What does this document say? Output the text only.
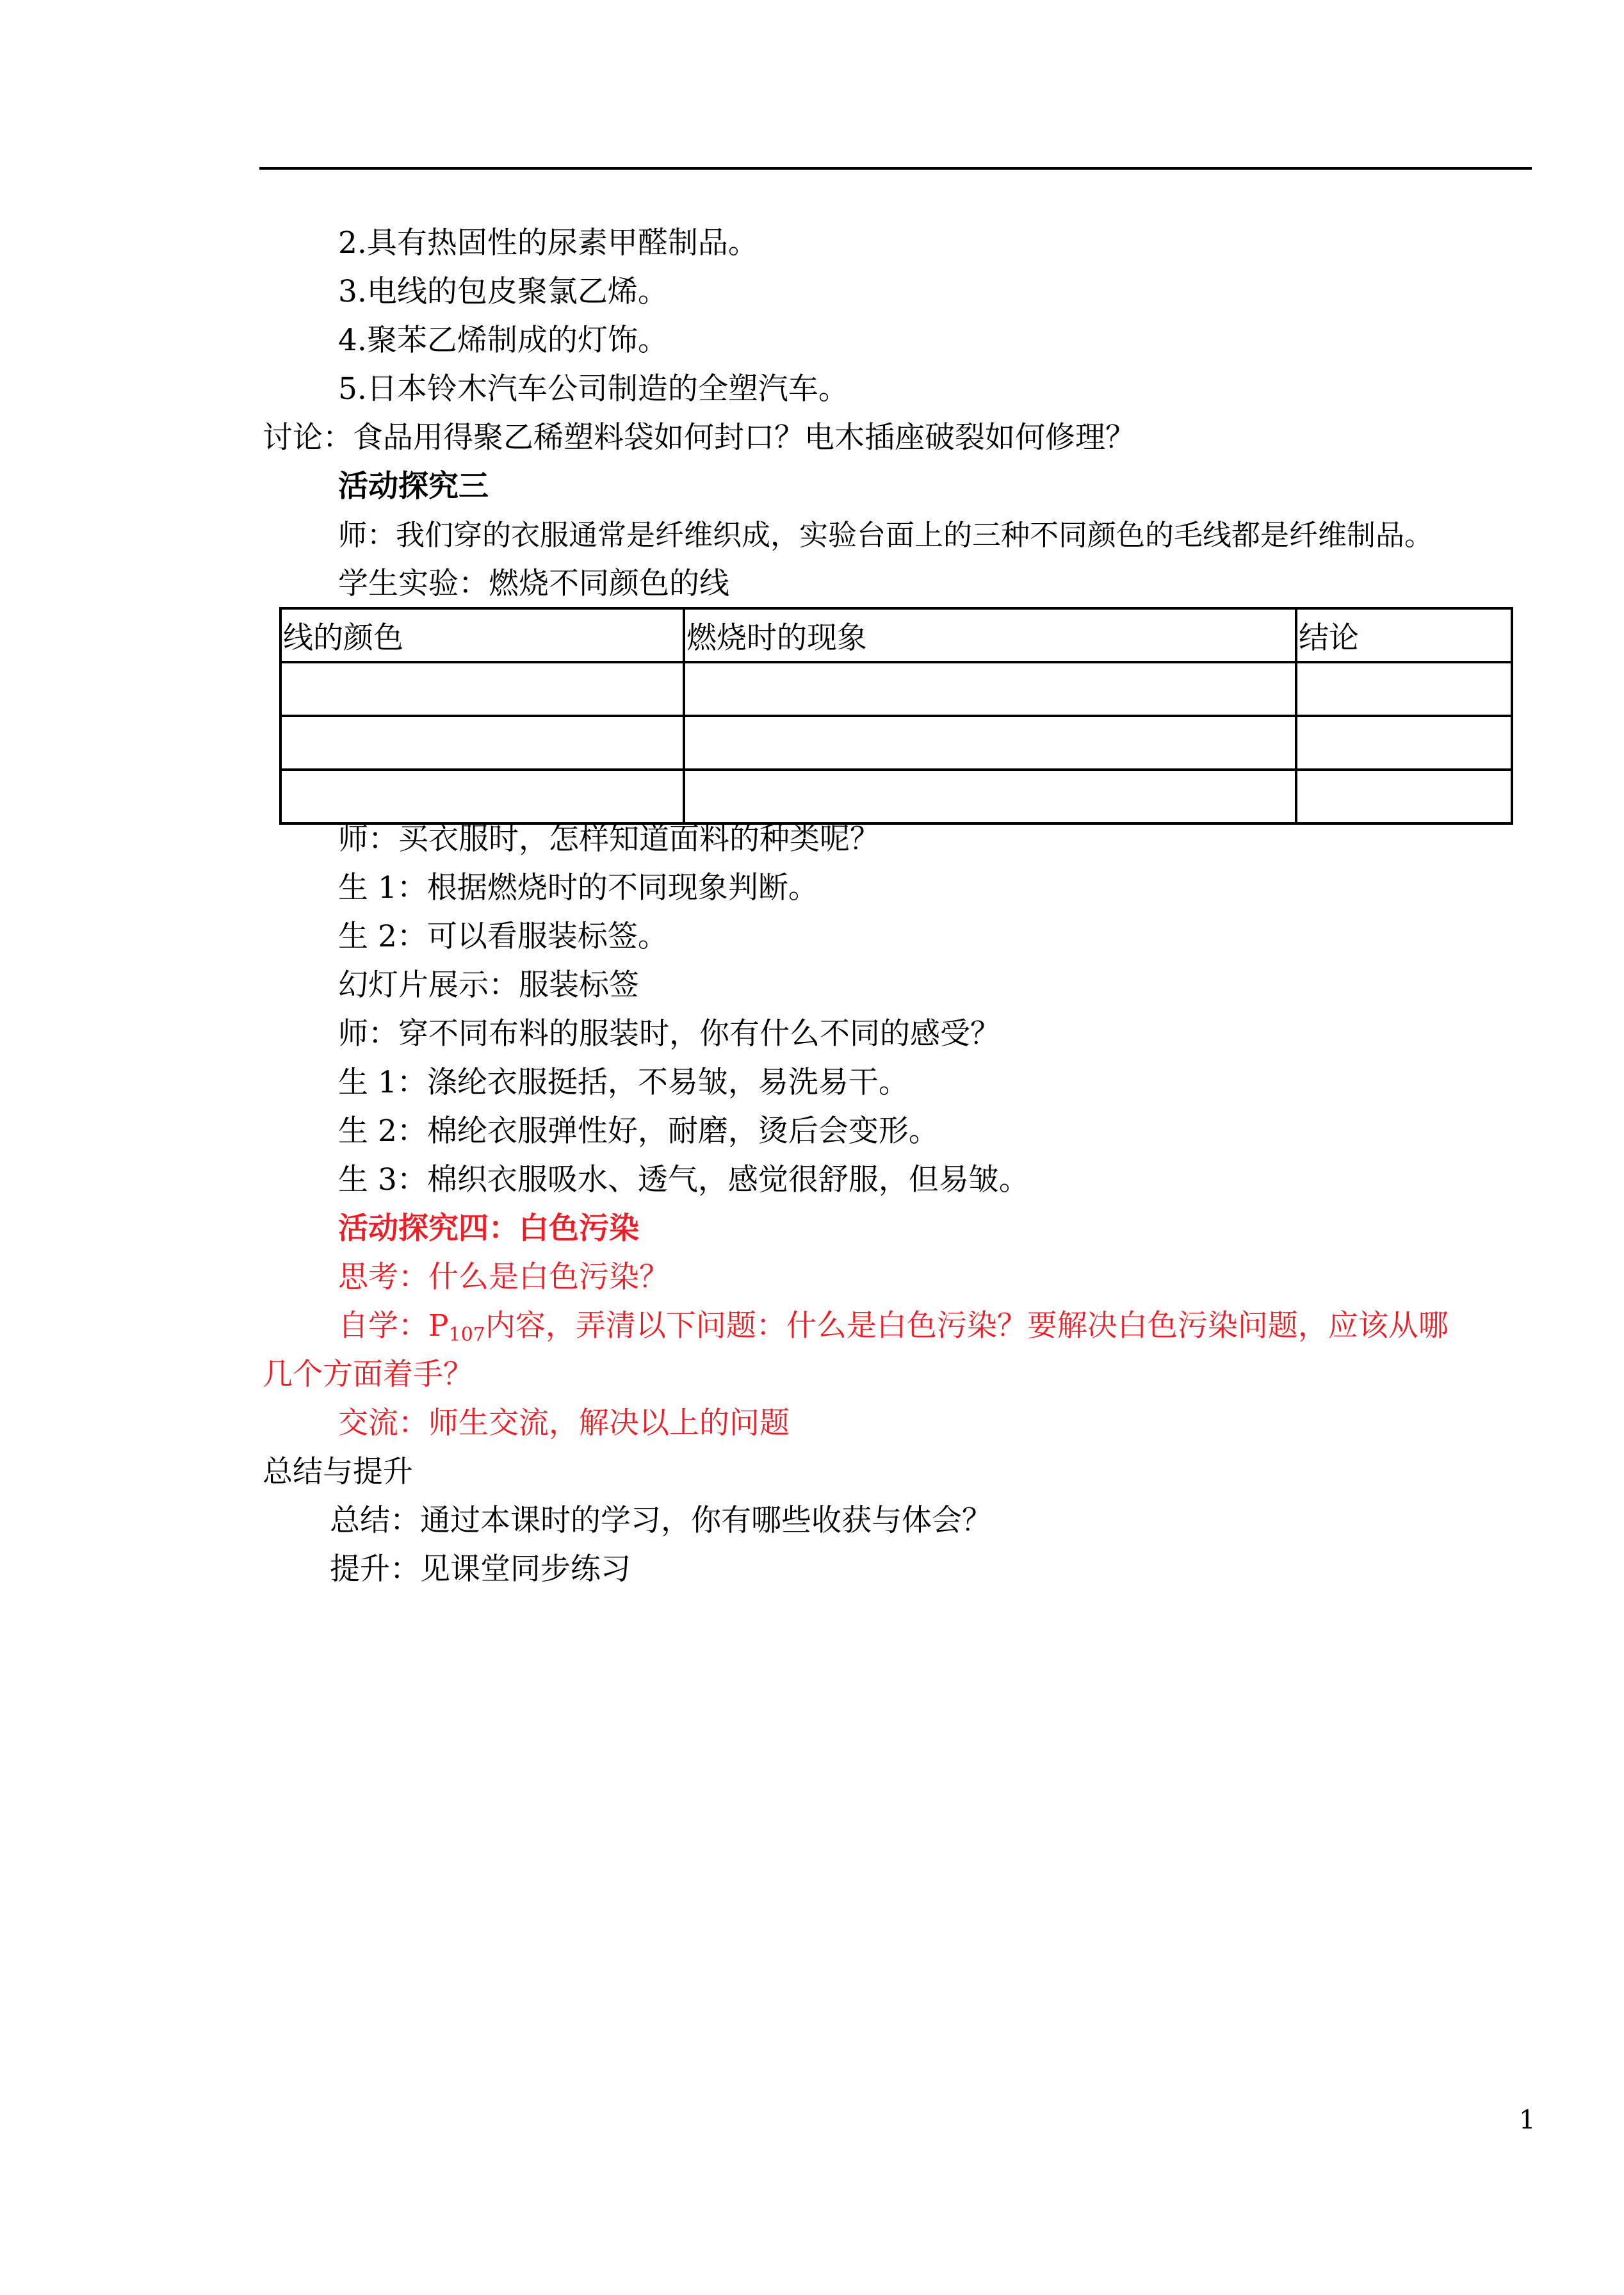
2.具有热固性的尿素甲醛制品。
3.电线的包皮聚氯乙烯。
4.聚苯乙烯制成的灯饰。
5.日本铃木汽车公司制造的全塑汽车。
讨论：食品用得聚乙稀塑料袋如何封口？电木插座破裂如何修理？
活动探究三
师：我们穿的衣服通常是纤维织成，实验台面上的三种不同颜色的毛线都是纤维制品。
学生实验：燃烧不同颜色的线
线的颜色	燃烧时的现象	结论

师：买衣服时，怎样知道面料的种类呢？
生 1：根据燃烧时的不同现象判断。
生 2：可以看服装标签。
幻灯片展示：服装标签
师：穿不同布料的服装时，你有什么不同的感受？
生 1：涤纶衣服挺括，不易皱，易洗易干。
生 2：棉纶衣服弹性好，耐磨，烫后会变形。
生 3：棉织衣服吸水、透气，感觉很舒服，但易皱。
活动探究四：白色污染
思考：什么是白色污染？
自学：$P_{107}$内容，弄清以下问题：什么是白色污染？要解决白色污染问题，应该从哪
几个方面着手？
交流：师生交流，解决以上的问题
总结与提升
总结：通过本课时的学习，你有哪些收获与体会？
提升：见课堂同步练习
1
